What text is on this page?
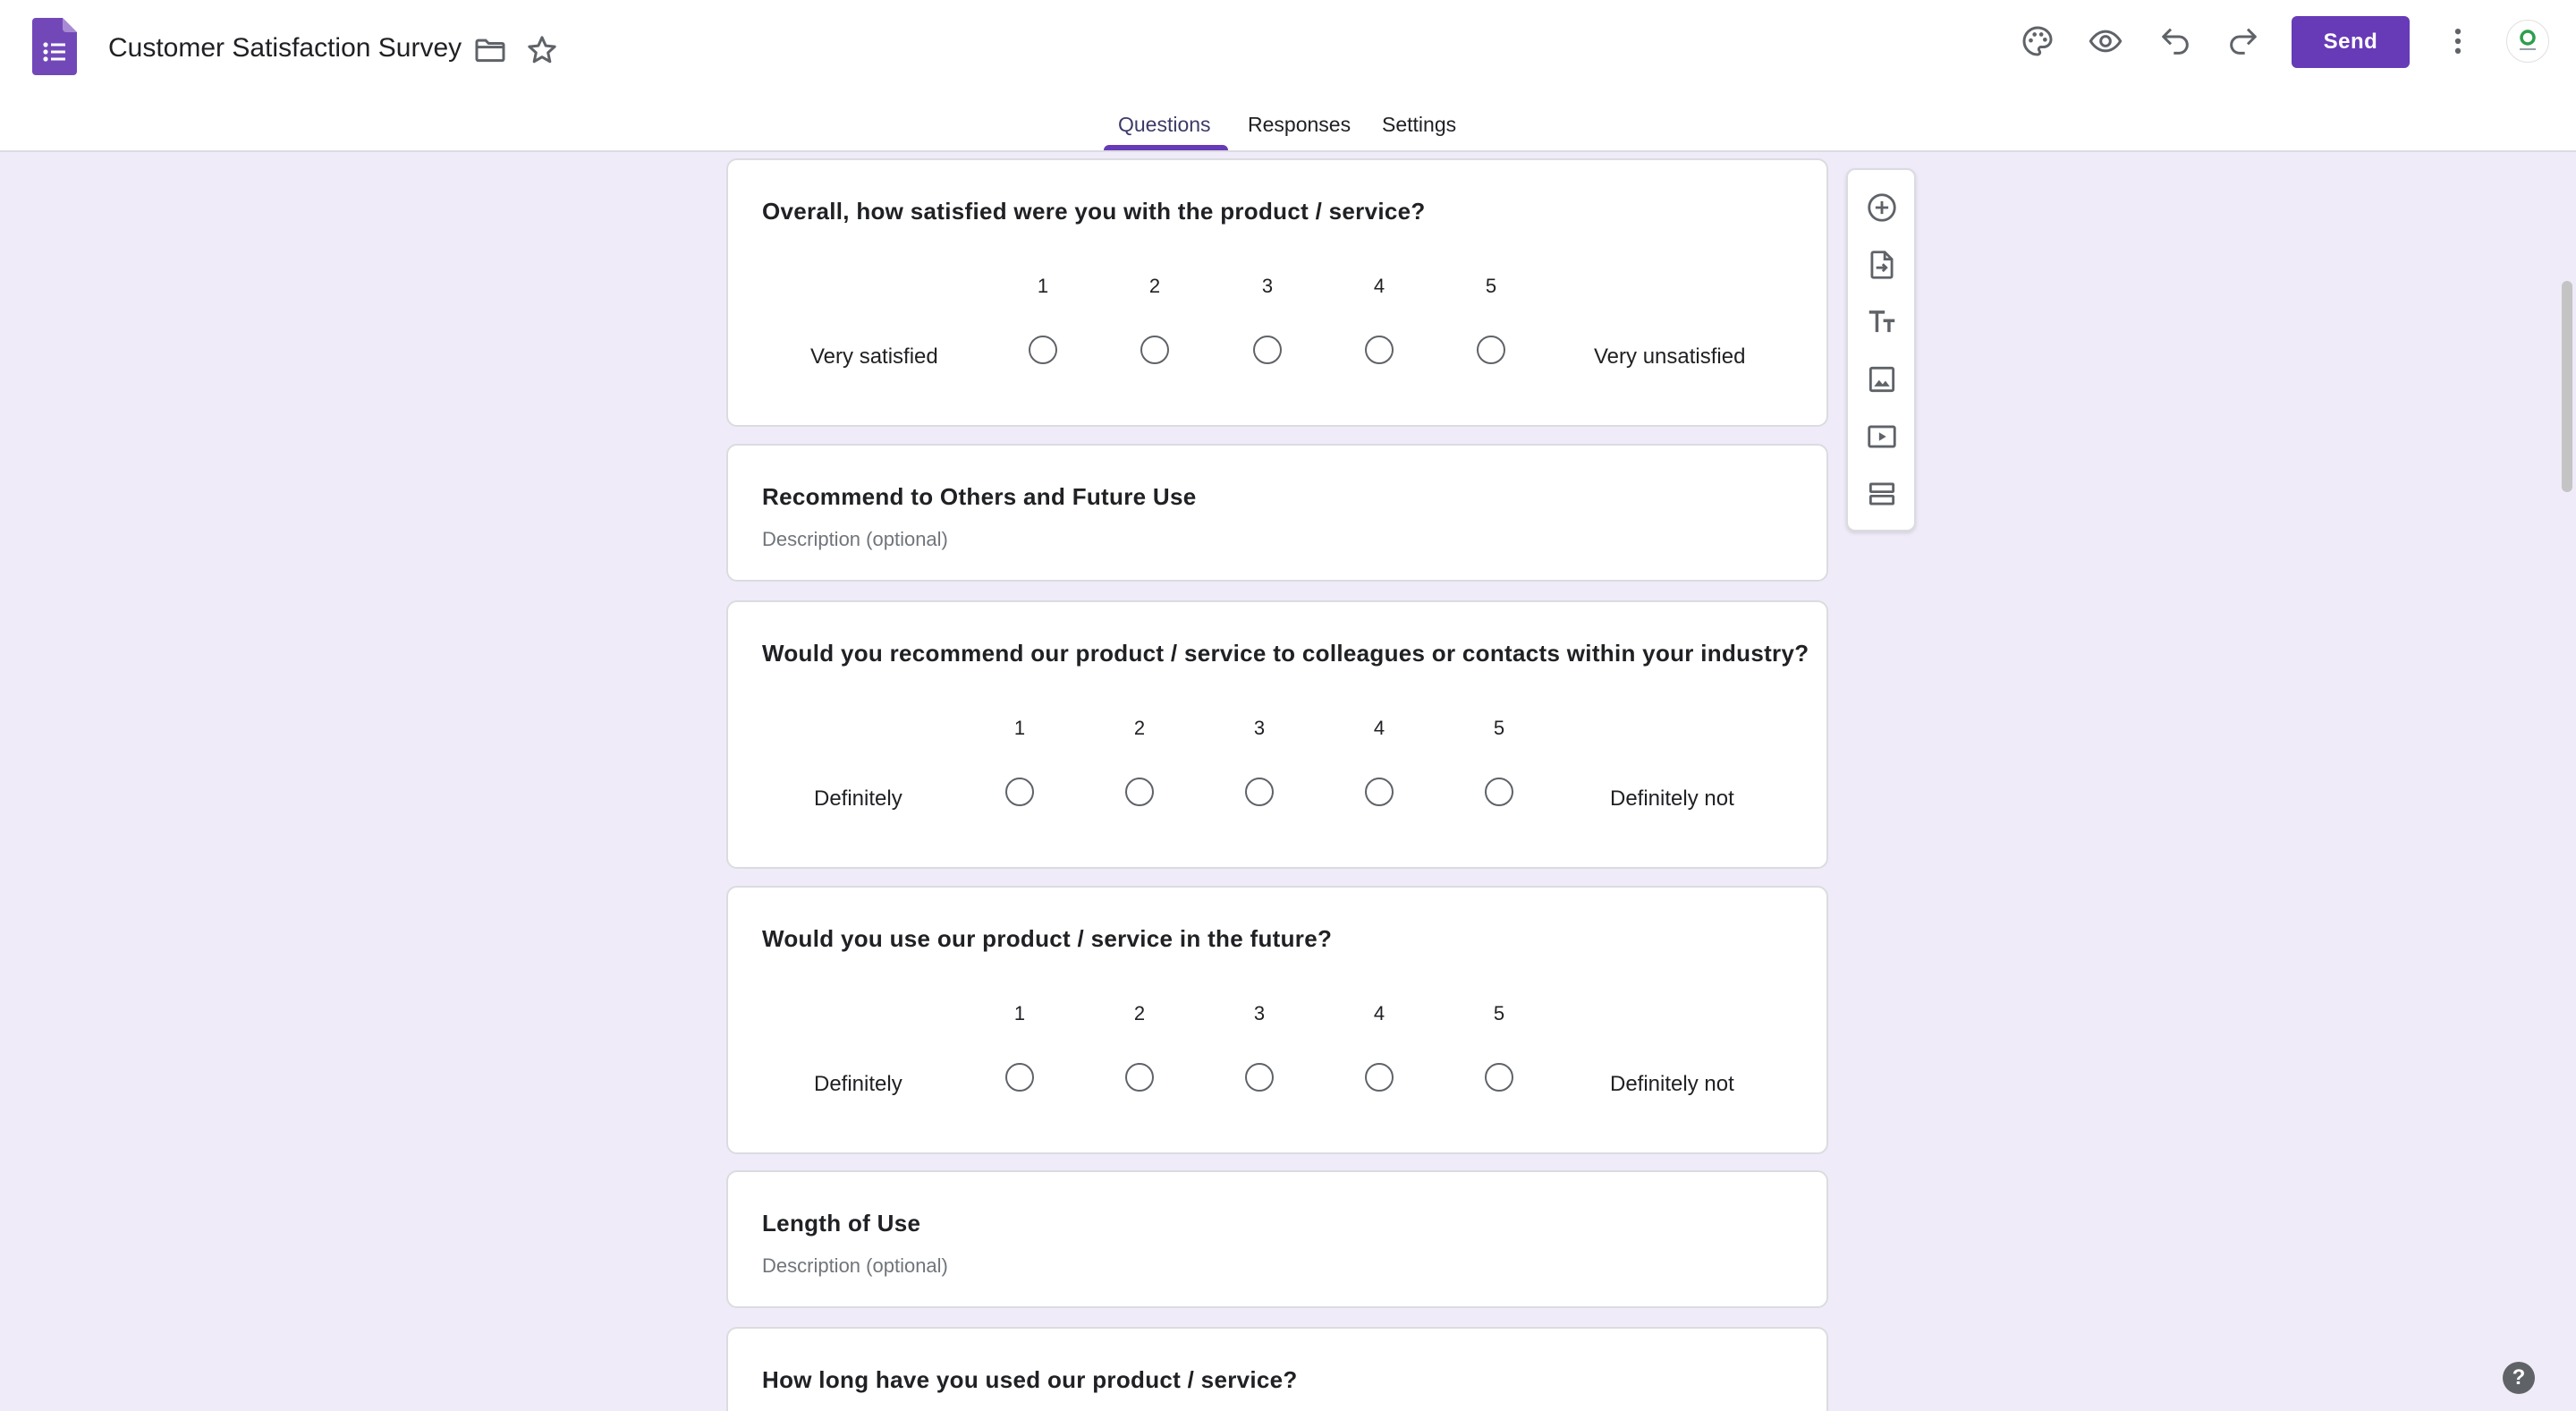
Customer Satisfaction Survey	Send
Questions Responses Settings
Overall, how satisfied were you with the product / service?
1	2	3	4	5
Very satisfied	Very unsatisfied
Recommend to Others and Future Use
Description (optional)
Would you recommend our product / service to colleagues or contacts within your industry?
1	2	3	4	5
Definitely	Definitely not
Would you use our product / service in the future?
1	2	3	4	5
Definitely	Definitely not
Length of Use
Description (optional)
How long have you used our product / service?	?
